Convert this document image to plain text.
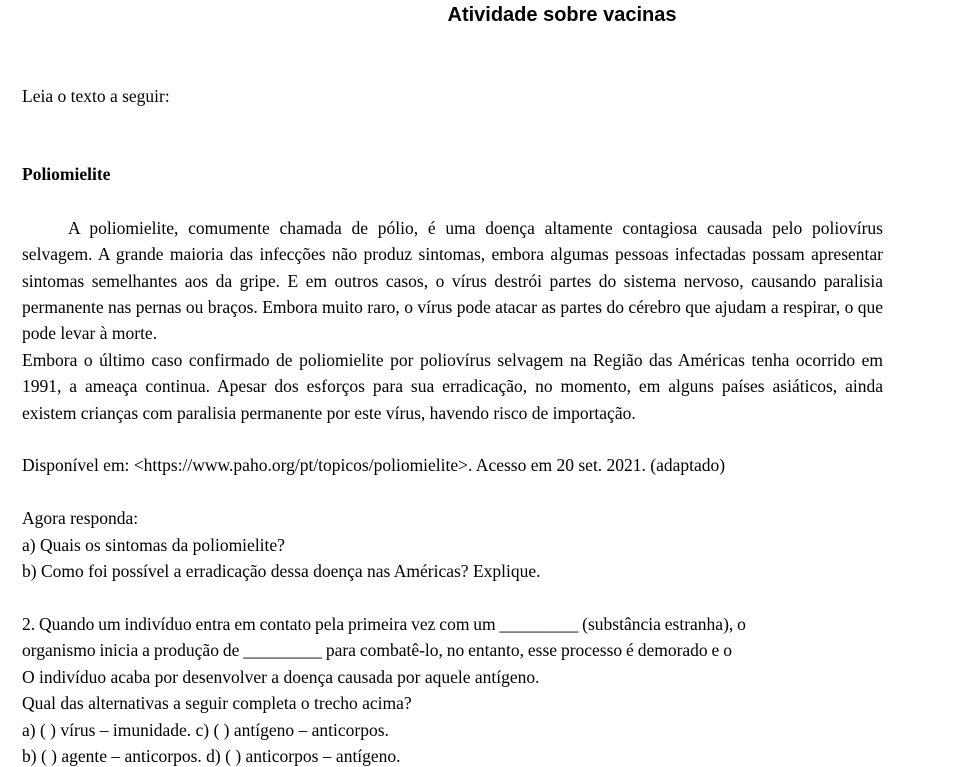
Atividade sobre vacinas
Leia o texto a seguir:
Poliomielite

A poliomielite, comumente chamada de pólio, é uma doença altamente contagiosa causada pelo poliovírus selvagem. A grande maioria das infecções não produz sintomas, embora algumas pessoas infectadas possam apresentar sintomas semelhantes aos da gripe. E em outros casos, o vírus destrói partes do sistema nervoso, causando paralisia permanente nas pernas ou braços. Embora muito raro, o vírus pode atacar as partes do cérebro que ajudam a respirar, o que pode levar à morte.

Embora o último caso confirmado de poliomielite por poliovírus selvagem na Região das Américas tenha ocorrido em 1991, a ameaça continua. Apesar dos esforços para sua erradicação, no momento, em alguns países asiáticos, ainda existem crianças com paralisia permanente por este vírus, havendo risco de importação.

Disponível em: <https://www.paho.org/pt/topicos/poliomielite>. Acesso em 20 set. 2021. (adaptado)
Agora responda:
a) Quais os sintomas da poliomielite?
b) Como foi possível a erradicação dessa doença nas Américas? Explique.
2. Quando um indivíduo entra em contato pela primeira vez com um _________ (substância estranha), o
organismo inicia a produção de _________ para combatê-lo, no entanto, esse processo é demorado e o
O indivíduo acaba por desenvolver a doença causada por aquele antígeno.
Qual das alternativas a seguir completa o trecho acima?
a) ( ) vírus – imunidade. c) ( ) antígeno – anticorpos.
b) ( ) agente – anticorpos. d) ( ) anticorpos – antígeno.
